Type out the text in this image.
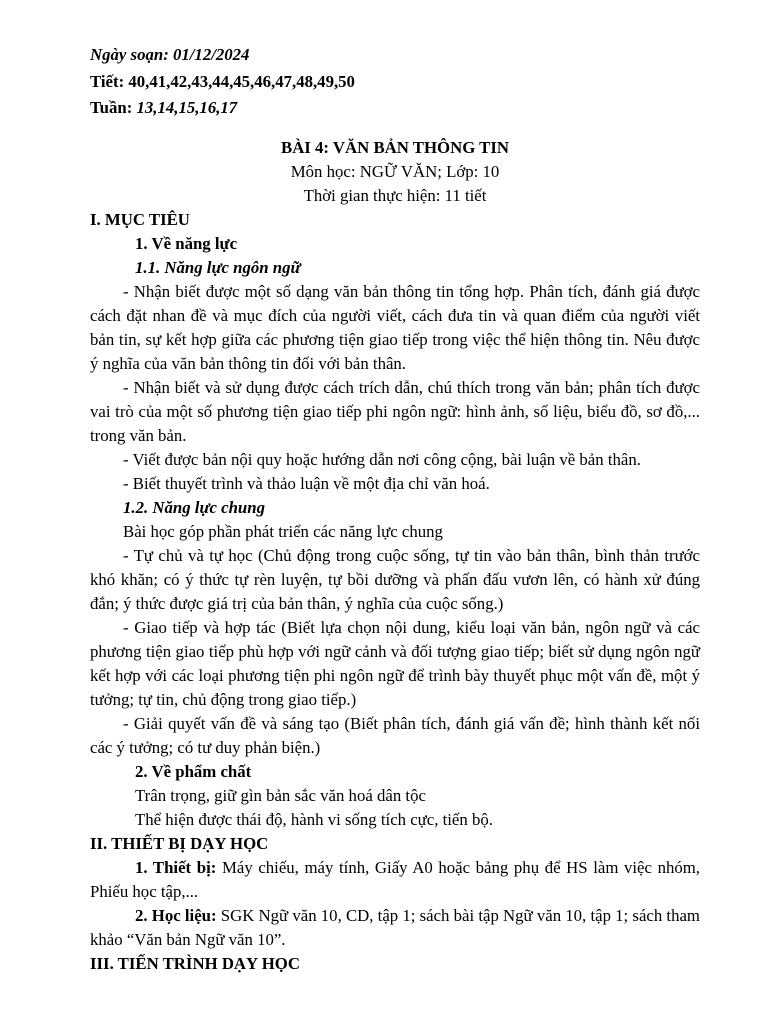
Ngày soạn: 01/12/2024

Tiết: 40,41,42,43,44,45,46,47,48,49,50

Tuần: 13,14,15,16,17

BÀI 4: VĂN BẢN THÔNG TIN

Môn học: NGỮ VĂN; Lớp: 10

Thời gian thực hiện: 11 tiết

I. MỤC TIÊU

1. Về năng lực

1.1. Năng lực ngôn ngữ

- Nhận biết được một số dạng văn bản thông tin tổng hợp. Phân tích, đánh giá được cách đặt nhan đề và mục đích của người viết, cách đưa tin và quan điểm của người viết bản tin, sự kết hợp giữa các phương tiện giao tiếp trong việc thể hiện thông tin. Nêu được ý nghĩa của văn bản thông tin đối với bản thân.

- Nhận biết và sử dụng được cách trích dẫn, chú thích trong văn bản; phân tích được vai trò của một số phương tiện giao tiếp phi ngôn ngữ: hình ảnh, số liệu, biểu đồ, sơ đồ,... trong văn bản.

- Viết được bản nội quy hoặc hướng dẫn nơi công cộng, bài luận về bản thân.

- Biết thuyết trình và thảo luận về một địa chỉ văn hoá.

1.2. Năng lực chung

Bài học góp phần phát triển các năng lực chung

- Tự chủ và tự học (Chủ động trong cuộc sống, tự tin vào bản thân, bình thản trước khó khăn; có ý thức tự rèn luyện, tự bồi dưỡng và phấn đấu vươn lên, có hành xử đúng đắn; ý thức được giá trị của bản thân, ý nghĩa của cuộc sống.)

- Giao tiếp và hợp tác (Biết lựa chọn nội dung, kiểu loại văn bản, ngôn ngữ và các phương tiện giao tiếp phù hợp với ngữ cảnh và đối tượng giao tiếp; biết sử dụng ngôn ngữ kết hợp với các loại phương tiện phi ngôn ngữ để trình bày thuyết phục một vấn đề, một ý tưởng; tự tin, chủ động trong giao tiếp.)

- Giải quyết vấn đề và sáng tạo (Biết phân tích, đánh giá vấn đề; hình thành kết nối các ý tưởng; có tư duy phản biện.)

2. Về phẩm chất

Trân trọng, giữ gìn bản sắc văn hoá dân tộc

Thể hiện được thái độ, hành vi sống tích cực, tiến bộ.

II. THIẾT BỊ DẠY HỌC

1. Thiết bị: Máy chiếu, máy tính, Giấy A0 hoặc bảng phụ để HS làm việc nhóm, Phiếu học tập,...

2. Học liệu: SGK Ngữ văn 10, CD, tập 1; sách bài tập Ngữ văn 10, tập 1; sách tham khảo “Văn bản Ngữ văn 10”.

III. TIẾN TRÌNH DẠY HỌC
